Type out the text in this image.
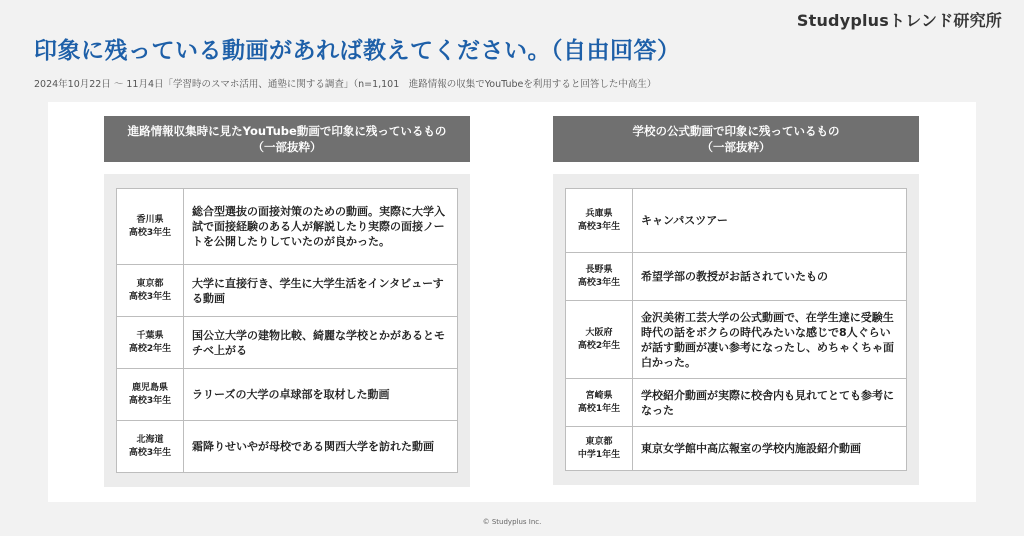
Studyplusトレンド研究所
印象に残っている動画があれば教えてください。（自由回答）
2024年10月22日 〜 11月4日「学習時のスマホ活用、通塾に関する調査」（n=1,101　進路情報の収集でYouTubeを利用すると回答した中高生）
進路情報収集時に見たYouTube動画で印象に残っているもの
（一部抜粋）
香川県
高校3年生	総合型選抜の面接対策のための動画。実際に大学入試で面接経験のある人が解説したり実際の面接ノートを公開したりしていたのが良かった。

東京都
高校3年生	大学に直接行き、学生に大学生活をインタビューする動画

千葉県
高校2年生	国公立大学の建物比較、綺麗な学校とかがあるとモチベ上がる

鹿児島県
高校3年生	ラリーズの大学の卓球部を取材した動画

北海道
高校3年生	霜降りせいやが母校である関西大学を訪れた動画
学校の公式動画で印象に残っているもの
（一部抜粋）
兵庫県
高校3年生	キャンパスツアー

長野県
高校3年生	希望学部の教授がお話されていたもの

大阪府
高校2年生	金沢美術工芸大学の公式動画で、在学生達に受験生時代の話をボクらの時代みたいな感じで8人ぐらいが話す動画が凄い参考になったし、めちゃくちゃ面白かった。

宮崎県
高校1年生	学校紹介動画が実際に校舎内も見れてとても参考になった

東京都
中学1年生	東京女学館中高広報室の学校内施設紹介動画
© Studyplus Inc.
